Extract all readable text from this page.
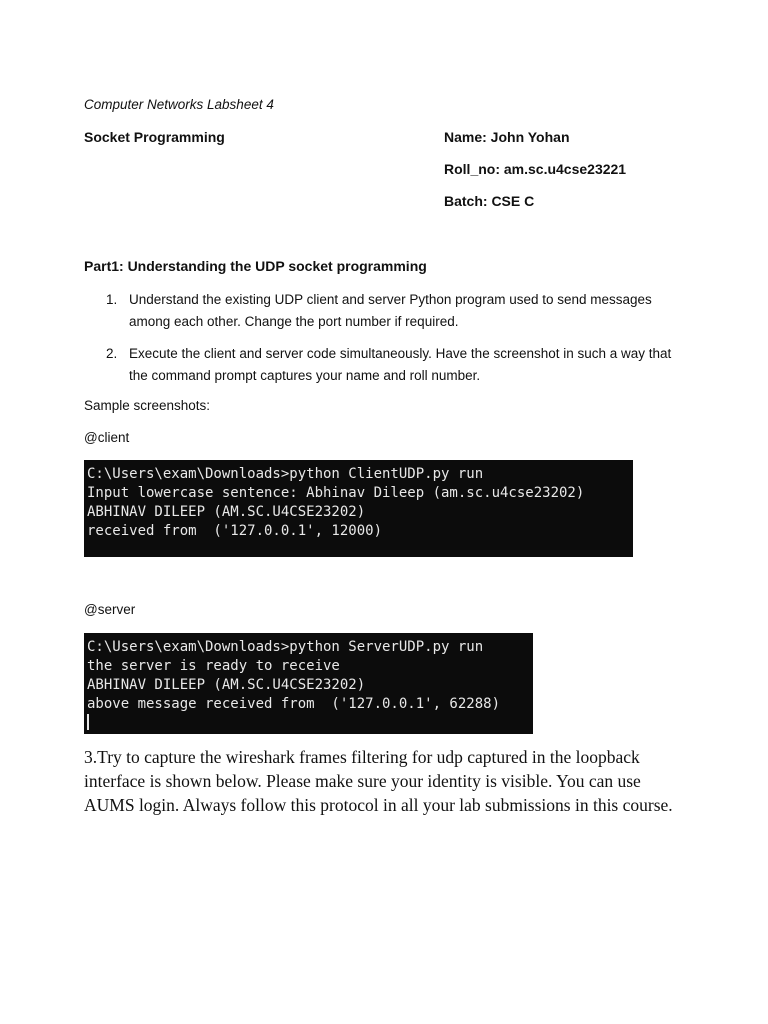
Computer Networks Labsheet 4
Socket Programming	Name: John Yohan
Roll_no: am.sc.u4cse23221
Batch: CSE C
Part1: Understanding the UDP socket programming
1. Understand the existing UDP client and server Python program used to send messages among each other. Change the port number if required.
2. Execute the client and server code simultaneously. Have the screenshot in such a way that the command prompt captures your name and roll number.
Sample screenshots:
@client
C:\Users\exam\Downloads>python ClientUDP.py run
Input lowercase sentence: Abhinav Dileep (am.sc.u4cse23202)
ABHINAV DILEEP (AM.SC.U4CSE23202)
received from  ('127.0.0.1', 12000)
@server
C:\Users\exam\Downloads>python ServerUDP.py run
the server is ready to receive
ABHINAV DILEEP (AM.SC.U4CSE23202)
above message received from  ('127.0.0.1', 62288)

3.Try to capture the wireshark frames filtering for udp captured in the loopback interface is shown below. Please make sure your identity is visible. You can use AUMS login. Always follow this protocol in all your lab submissions in this course.
